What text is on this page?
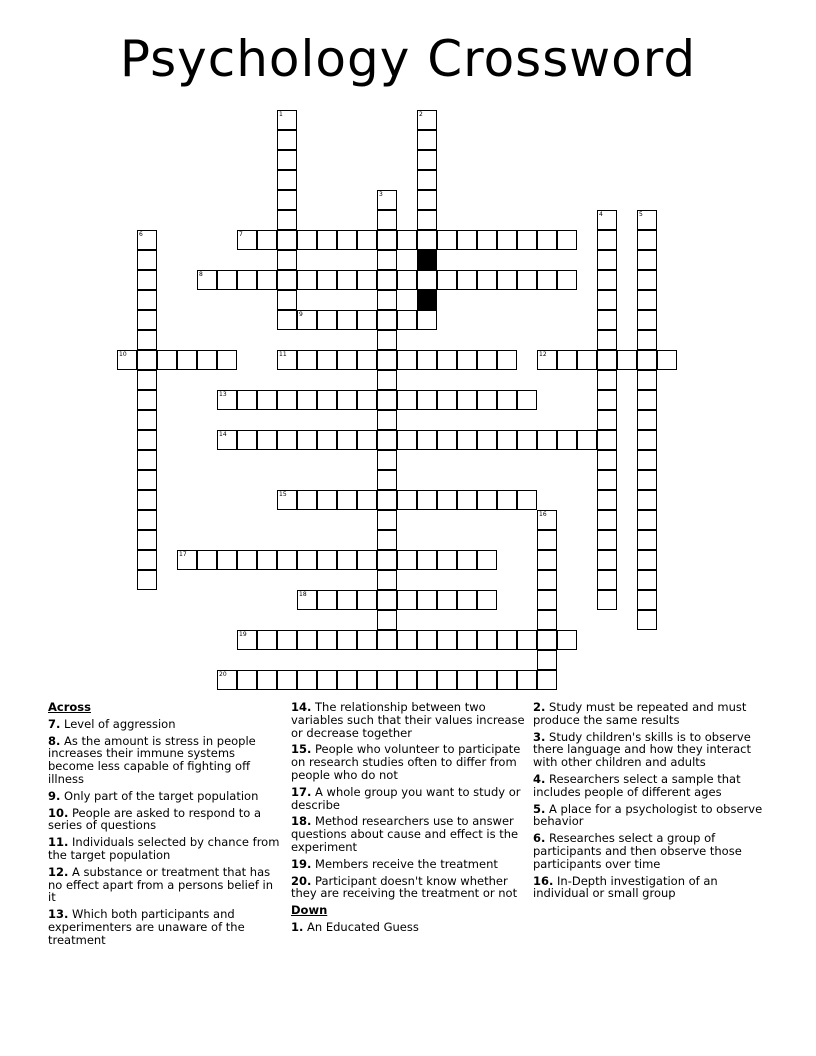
Psychology Crossword
1	2
3
4	5
6	7
8
9
10	11	12
13
14
15
16
17
18
19
20
Across
7. Level of aggression
8. As the amount is stress in people increases their immune systems become less capable of fighting off illness
9. Only part of the target population
10. People are asked to respond to a series of questions
11. Individuals selected by chance from the target population
12. A substance or treatment that has no effect apart from a persons belief in it
13. Which both participants and experimenters are unaware of the treatment
14. The relationship between two variables such that their values increase or decrease together
15. People who volunteer to participate on research studies often to differ from people who do not
17. A whole group you want to study or describe
18. Method researchers use to answer questions about cause and effect is the experiment
19. Members receive the treatment
20. Participant doesn't know whether they are receiving the treatment or not
Down
1. An Educated Guess
2. Study must be repeated and must produce the same results
3. Study children's skills is to observe there language and how they interact with other children and adults
4. Researchers select a sample that includes people of different ages
5. A place for a psychologist to observe behavior
6. Researches select a group of participants and then observe those participants over time
16. In-Depth investigation of an individual or small group
